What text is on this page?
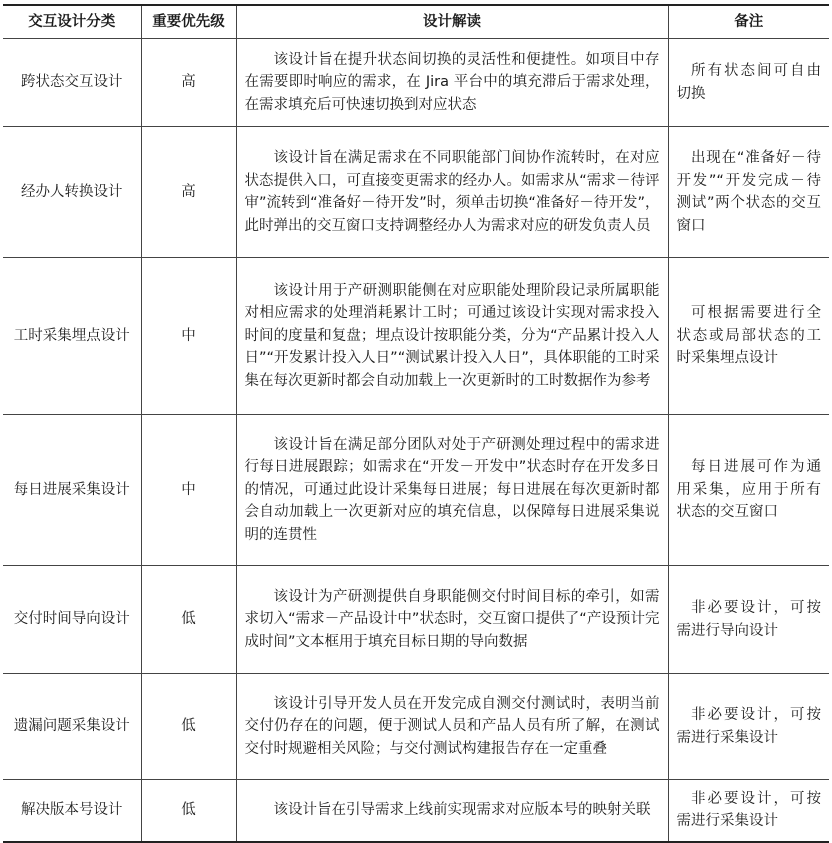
交互设计分类	重要优先级	设计解读	备注
跨状态交互设计	高	该设计旨在提升状态间切换的灵活性和便捷性。如项目中存在需要即时响应的需求，在 Jira 平台中的填充滞后于需求处理，在需求填充后可快速切换到对应状态	所有状态间可自由切换
经办人转换设计	高	该设计旨在满足需求在不同职能部门间协作流转时，在对应状态提供入口，可直接变更需求的经办人。如需求从“需求－待评审”流转到“准备好－待开发”时，须单击切换“准备好－待开发”，此时弹出的交互窗口支持调整经办人为需求对应的研发负责人员	出现在“准备好－待开发”“开发完成－待测试”两个状态的交互窗口
工时采集埋点设计	中	该设计用于产研测职能侧在对应职能处理阶段记录所属职能对相应需求的处理消耗累计工时；可通过该设计实现对需求投入时间的度量和复盘；埋点设计按职能分类，分为“产品累计投入人日”“开发累计投入人日”“测试累计投入人日”，具体职能的工时采集在每次更新时都会自动加载上一次更新时的工时数据作为参考	可根据需要进行全状态或局部状态的工时采集埋点设计
每日进展采集设计	中	该设计旨在满足部分团队对处于产研测处理过程中的需求进行每日进展跟踪；如需求在“开发－开发中”状态时存在开发多日的情况，可通过此设计采集每日进展；每日进展在每次更新时都会自动加载上一次更新对应的填充信息，以保障每日进展采集说明的连贯性	每日进展可作为通用采集，应用于所有状态的交互窗口
交付时间导向设计	低	该设计为产研测提供自身职能侧交付时间目标的牵引，如需求切入“需求－产品设计中”状态时，交互窗口提供了“产设预计完成时间”文本框用于填充目标日期的导向数据	非必要设计，可按需进行导向设计
遗漏问题采集设计	低	该设计引导开发人员在开发完成自测交付测试时，表明当前交付仍存在的问题，便于测试人员和产品人员有所了解，在测试交付时规避相关风险；与交付测试构建报告存在一定重叠	非必要设计，可按需进行采集设计
解决版本号设计	低	该设计旨在引导需求上线前实现需求对应版本号的映射关联	非必要设计，可按需进行采集设计
